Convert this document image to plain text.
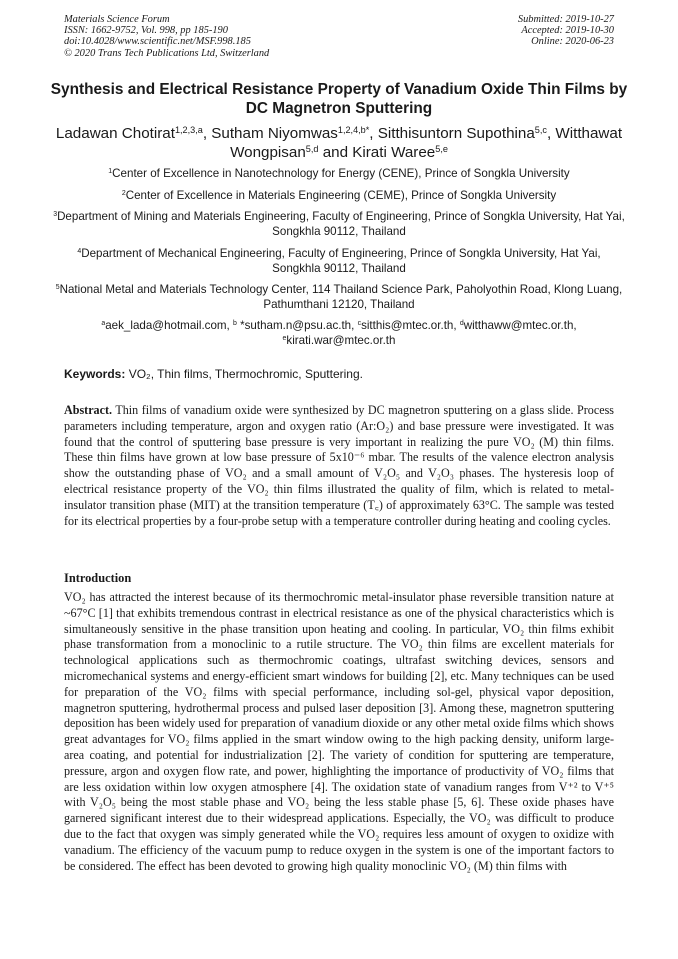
Materials Science Forum
ISSN: 1662-9752, Vol. 998, pp 185-190
doi:10.4028/www.scientific.net/MSF.998.185
© 2020 Trans Tech Publications Ltd, Switzerland
Submitted: 2019-10-27
Accepted: 2019-10-30
Online: 2020-06-23
Synthesis and Electrical Resistance Property of Vanadium Oxide Thin Films by DC Magnetron Sputtering
Ladawan Chotirat$^{1,2,3,a}$, Sutham Niyomwas$^{1,2,4,b*}$, Sitthisuntorn Supothina$^{5,c}$, Witthawat Wongpisan$^{5,d}$ and Kirati Waree$^{5,e}$
$^1$Center of Excellence in Nanotechnology for Energy (CENE), Prince of Songkla University
$^2$Center of Excellence in Materials Engineering (CEME), Prince of Songkla University
$^3$Department of Mining and Materials Engineering, Faculty of Engineering, Prince of Songkla University, Hat Yai, Songkhla 90112, Thailand
$^4$Department of Mechanical Engineering, Faculty of Engineering, Prince of Songkla University, Hat Yai, Songkhla 90112, Thailand
$^5$National Metal and Materials Technology Center, 114 Thailand Science Park, Paholyothin Road, Klong Luang, Pathumthani 12120, Thailand
$^a$aek_lada@hotmail.com, $^b$ *sutham.n@psu.ac.th, $^c$sitthis@mtec.or.th, $^d$witthaww@mtec.or.th,
$^e$kirati.war@mtec.or.th
Keywords: VO₂, Thin films, Thermochromic, Sputtering.
Abstract. Thin films of vanadium oxide were synthesized by DC magnetron sputtering on a glass slide. Process parameters including temperature, argon and oxygen ratio (Ar:O₂) and base pressure were investigated. It was found that the control of sputtering base pressure is very important in realizing the pure VO₂ (M) thin films. These thin films have grown at low base pressure of 5x10⁻⁶ mbar. The results of the valence electron analysis show the outstanding phase of VO₂ and a small amount of V₂O₅ and V₂O₃ phases. The hysteresis loop of electrical resistance property of the VO₂ thin films illustrated the quality of film, which is related to metal-insulator transition phase (MIT) at the transition temperature (T꜀) of approximately 63°C. The sample was tested for its electrical properties by a four-probe setup with a temperature controller during heating and cooling cycles.
Introduction
VO₂ has attracted the interest because of its thermochromic metal-insulator phase reversible transition nature at ~67°C [1] that exhibits tremendous contrast in electrical resistance as one of the physical characteristics which is simultaneously sensitive in the phase transition upon heating and cooling. In particular, VO₂ thin films exhibit phase transformation from a monoclinic to a rutile structure. The VO₂ thin films are excellent materials for technological applications such as thermochromic coatings, ultrafast switching devices, sensors and micromechanical systems and energy-efficient smart windows for building [2], etc. Many techniques can be used for preparation of the VO₂ films with special performance, including sol-gel, physical vapor deposition, magnetron sputtering, hydrothermal process and pulsed laser deposition [3]. Among these, magnetron sputtering deposition has been widely used for preparation of vanadium dioxide or any other metal oxide films which shows great advantages for VO₂ films applied in the smart window owing to the high packing density, uniform large-area coating, and potential for industrialization [2]. The variety of condition for sputtering are temperature, pressure, argon and oxygen flow rate, and power, highlighting the importance of productivity of VO₂ films that are less oxidation within low oxygen atmosphere [4]. The oxidation state of vanadium ranges from V⁺² to V⁺⁵ with V₂O₅ being the most stable phase and VO₂ being the less stable phase [5, 6]. These oxide phases have garnered significant interest due to their widespread applications. Especially, the VO₂ was difficult to produce due to the fact that oxygen was simply generated while the VO₂ requires less amount of oxygen to oxidize with vanadium. The efficiency of the vacuum pump to reduce oxygen in the system is one of the important factors to be considered. The effect has been devoted to growing high quality monoclinic VO₂ (M) thin films with
